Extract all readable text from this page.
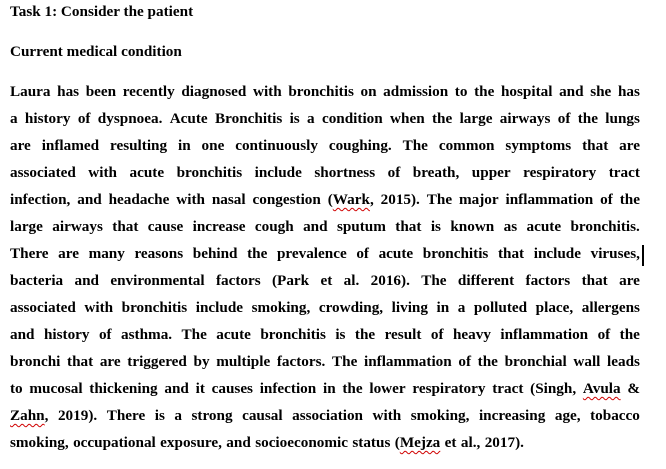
Task 1: Consider the patient
Current medical condition
Laura has been recently diagnosed with bronchitis on admission to the hospital and she has
a history of dyspnoea. Acute Bronchitis is a condition when the large airways of the lungs
are inflamed resulting in one continuously coughing. The common symptoms that are
associated with acute bronchitis include shortness of breath, upper respiratory tract
infection, and headache with nasal congestion (Wark, 2015). The major inflammation of the
large airways that cause increase cough and sputum that is known as acute bronchitis.
There are many reasons behind the prevalence of acute bronchitis that include viruses,
bacteria and environmental factors (Park et al. 2016). The different factors that are
associated with bronchitis include smoking, crowding, living in a polluted place, allergens
and history of asthma. The acute bronchitis is the result of heavy inflammation of the
bronchi that are triggered by multiple factors. The inflammation of the bronchial wall leads
to mucosal thickening and it causes infection in the lower respiratory tract (Singh, Avula &
Zahn, 2019). There is a strong causal association with smoking, increasing age, tobacco
smoking, occupational exposure, and socioeconomic status (Mejza et al., 2017).
